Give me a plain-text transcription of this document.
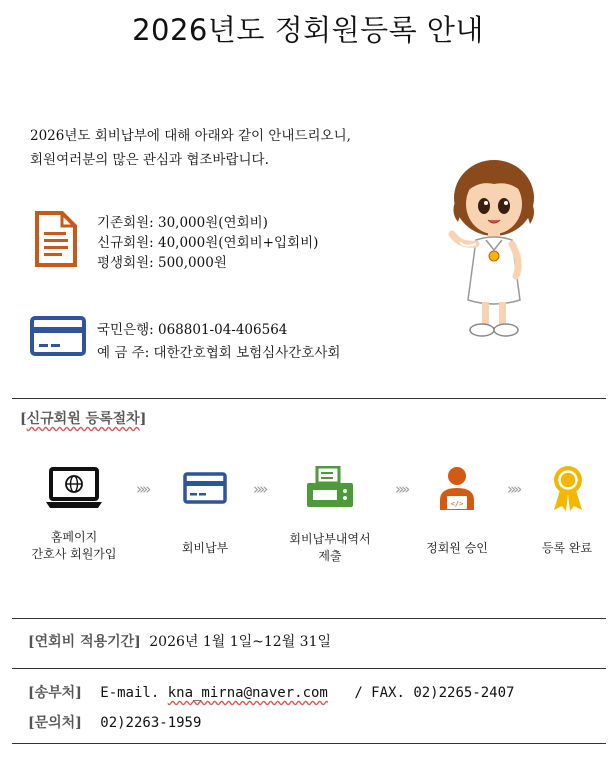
2026년도 정회원등록 안내
2026년도 회비납부에 대해 아래와 같이 안내드리오니,
회원여러분의 많은 관심과 협조바랍니다.
기존회원: 30,000원(연회비)
신규회원: 40,000원(연회비+입회비)
평생회원: 500,000원
국민은행: 068801-04-406564
예 금 주: 대한간호협회 보험심사간호사회
[신규회원 등록절차]
»»	»»	»»
</>
»»
홈페이지
간호사 회원가입	회비납부
회비납부내역서
제출
정회원 승인	등록 완료
[연회비 적용기간] 2026년 1월 1일~12월 31일
[송부처] E-mail. kna_mirna@naver.com / FAX. 02)2265-2407
[문의처] 02)2263-1959
